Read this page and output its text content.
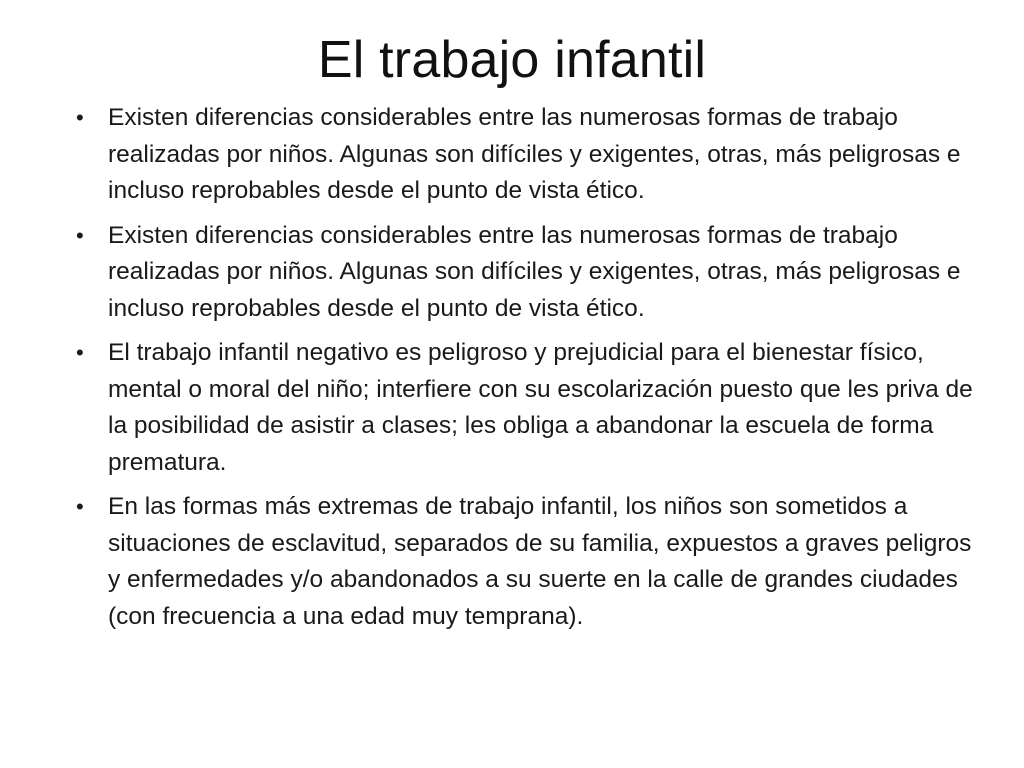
El trabajo infantil
• Existen diferencias considerables entre las numerosas formas de trabajo realizadas por niños. Algunas son difíciles y exigentes, otras, más peligrosas e incluso reprobables desde el punto de vista ético.
• Existen diferencias considerables entre las numerosas formas de trabajo realizadas por niños. Algunas son difíciles y exigentes, otras, más peligrosas e incluso reprobables desde el punto de vista ético.
• El trabajo infantil negativo es peligroso y prejudicial para el bienestar físico, mental o moral del niño; interfiere con su escolarización puesto que les priva de la posibilidad de asistir a clases; les obliga a abandonar la escuela de forma prematura.
• En las formas más extremas de trabajo infantil, los niños son sometidos a situaciones de esclavitud, separados de su familia, expuestos a graves peligros y enfermedades y/o abandonados a su suerte en la calle de grandes ciudades (con frecuencia a una edad muy temprana).
